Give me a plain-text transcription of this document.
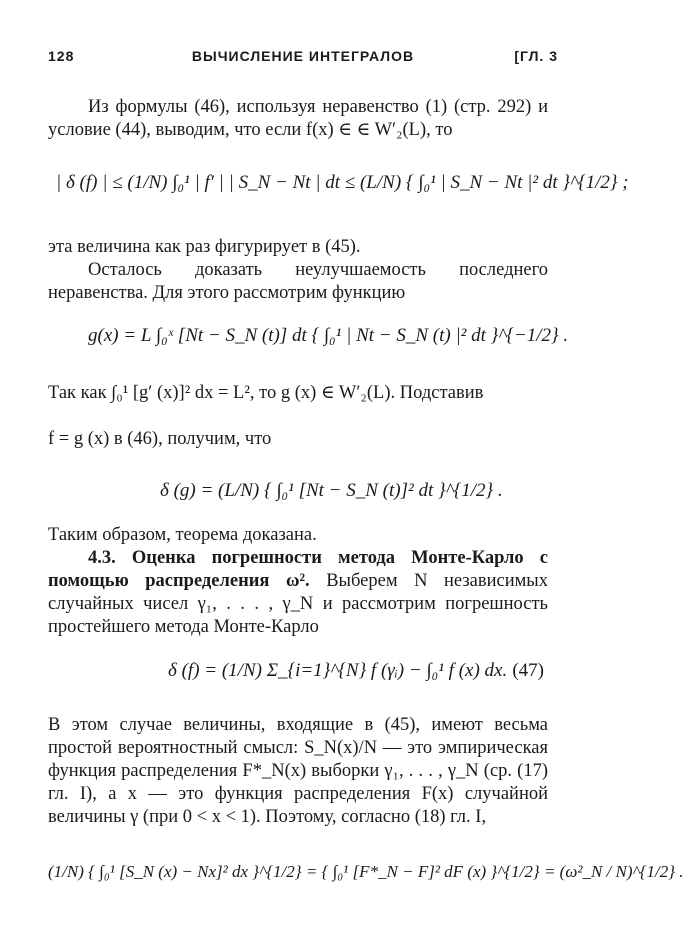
128	ВЫЧИСЛЕНИЕ ИНТЕГРАЛОВ	[ГЛ. 3
Из формулы (46), используя неравенство (1) (стр. 292) и условие (44), выводим, что если f(x) ∈ ∈ W′₂(L), то
| δ (f) | ≤ (1/N) ∫₀¹ | f′ | | S_N − Nt | dt ≤ (L/N) { ∫₀¹ | S_N − Nt |² dt }^{1/2} ;
эта величина как раз фигурирует в (45).
Осталось доказать неулучшаемость последнего неравенства. Для этого рассмотрим функцию
g(x) = L ∫₀ˣ [Nt − S_N (t)] dt { ∫₀¹ | Nt − S_N (t) |² dt }^{−1/2} .
Так как ∫₀¹ [g′ (x)]² dx = L², то g (x) ∈ W′₂(L). Подставив
f = g (x) в (46), получим, что
δ (g) = (L/N) { ∫₀¹ [Nt − S_N (t)]² dt }^{1/2} .
Таким образом, теорема доказана.
4.3. Оценка погрешности метода Монте-Карло с помощью распределения ω². Выберем N независимых случайных чисел γ₁, . . . , γ_N и рассмотрим погрешность простейшего метода Монте-Карло
δ (f) = (1/N) Σ_{i=1}^{N} f (γᵢ) − ∫₀¹ f (x) dx. (47)
В этом случае величины, входящие в (45), имеют весьма простой вероятностный смысл: S_N(x)/N — это эмпирическая функция распределения F*_N(x) выборки γ₁, . . . , γ_N (ср. (17) гл. I), а x — это функция распределения F(x) случайной величины γ (при 0 < x < 1). Поэтому, согласно (18) гл. I,
(1/N) { ∫₀¹ [S_N (x) − Nx]² dx }^{1/2} = { ∫₀¹ [F*_N − F]² dF (x) }^{1/2} = (ω²_N / N)^{1/2} .
